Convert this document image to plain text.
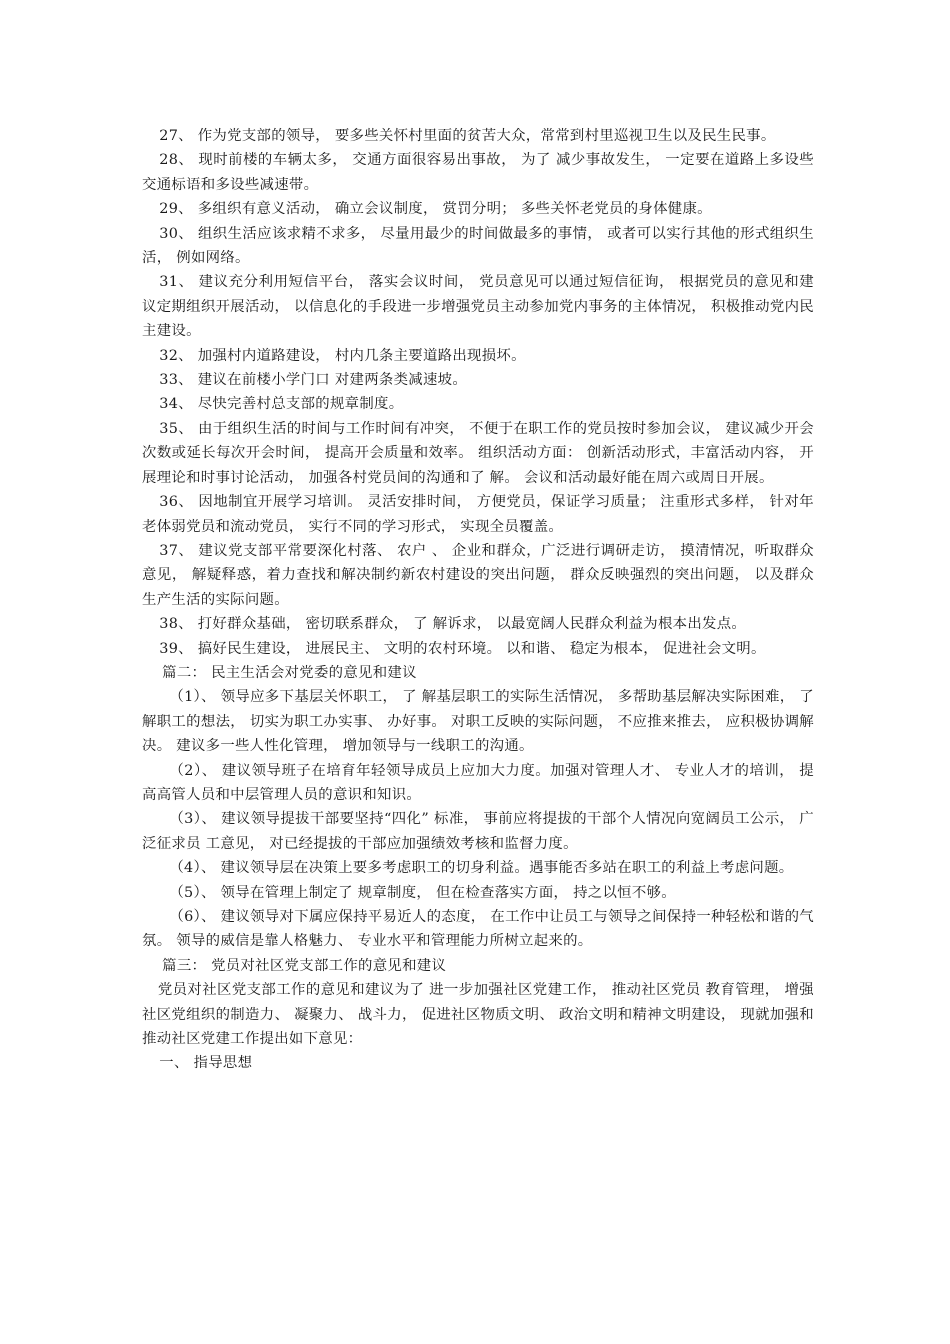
27、 作为党支部的领导， 要多些关怀村里面的贫苦大众，常常到村里巡视卫生以及民生民事。

28、 现时前楼的车辆太多， 交通方面很容易出事故， 为了 减少事故发生， 一定要在道路上多设些交通标语和多设些减速带。

29、 多组织有意义活动， 确立会议制度， 赏罚分明； 多些关怀老党员的身体健康。

30、 组织生活应该求精不求多， 尽量用最少的时间做最多的事情， 或者可以实行其他的形式组织生活， 例如网络。

31、 建议充分利用短信平台， 落实会议时间， 党员意见可以通过短信征询， 根据党员的意见和建议定期组织开展活动， 以信息化的手段进一步增强党员主动参加党内事务的主体情况， 积极推动党内民主建设。

32、 加强村内道路建设， 村内几条主要道路出现损坏。

33、 建议在前楼小学门口 对建两条类减速坡。

34、 尽快完善村总支部的规章制度。

35、 由于组织生活的时间与工作时间有冲突， 不便于在职工作的党员按时参加会议， 建议减少开会次数或延长每次开会时间， 提高开会质量和效率。 组织活动方面： 创新活动形式，丰富活动内容， 开展理论和时事讨论活动， 加强各村党员间的沟通和了 解。 会议和活动最好能在周六或周日开展。

36、 因地制宜开展学习培训。 灵活安排时间， 方便党员，保证学习质量； 注重形式多样， 针对年老体弱党员和流动党员， 实行不同的学习形式， 实现全员覆盖。

37、 建议党支部平常要深化村落、 农户 、 企业和群众，广泛进行调研走访， 摸清情况，听取群众意见， 解疑释惑，着力查找和解决制约新农村建设的突出问题， 群众反映强烈的突出问题， 以及群众生产生活的实际问题。

38、 打好群众基础， 密切联系群众， 了 解诉求， 以最宽阔人民群众利益为根本出发点。

39、 搞好民生建设， 进展民主、 文明的农村环境。 以和谐、 稳定为根本， 促进社会文明。

篇二： 民主生活会对党委的意见和建议

（1）、 领导应多下基层关怀职工， 了 解基层职工的实际生活情况， 多帮助基层解决实际困难， 了 解职工的想法， 切实为职工办实事、 办好事。 对职工反映的实际问题， 不应推来推去， 应积极协调解决。 建议多一些人性化管理， 增加领导与一线职工的沟通。

（2）、 建议领导班子在培育年轻领导成员上应加大力度。加强对管理人才、 专业人才的培训， 提高高管人员和中层管理人员的意识和知识。

（3）、 建议领导提拔干部要坚持“四化” 标准， 事前应将提拔的干部个人情况向宽阔员工公示， 广泛征求员 工意见， 对已经提拔的干部应加强绩效考核和监督力度。

（4）、 建议领导层在决策上要多考虑职工的切身利益。遇事能否多站在职工的利益上考虑问题。

（5）、 领导在管理上制定了 规章制度， 但在检查落实方面， 持之以恒不够。

（6）、 建议领导对下属应保持平易近人的态度， 在工作中让员工与领导之间保持一种轻松和谐的气氛。 领导的威信是靠人格魅力、 专业水平和管理能力所树立起来的。

篇三： 党员对社区党支部工作的意见和建议

党员对社区党支部工作的意见和建议为了 进一步加强社区党建工作， 推动社区党员 教育管理， 增强社区党组织的制造力、 凝聚力、 战斗力， 促进社区物质文明、 政治文明和精神文明建设， 现就加强和推动社区党建工作提出如下意见：

一、 指导思想
